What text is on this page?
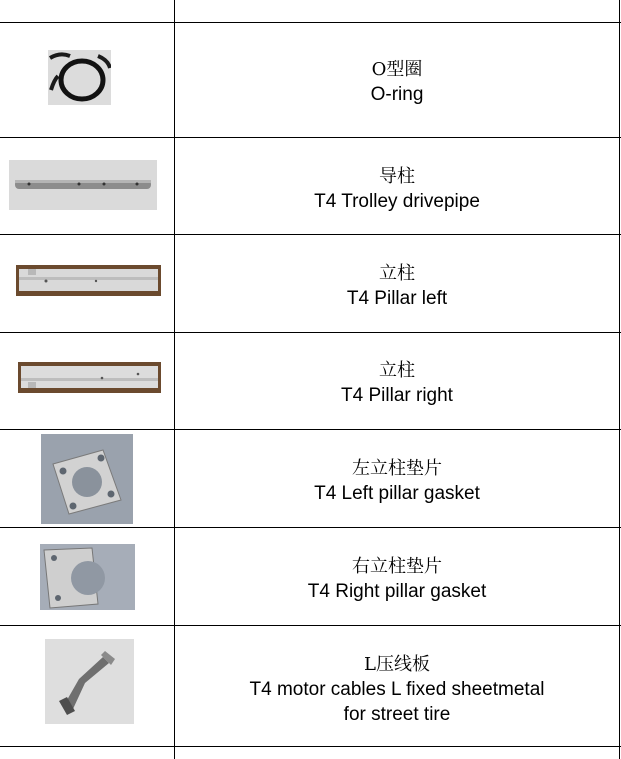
O型圈
O-ring
导柱
T4 Trolley drivepipe
立柱
T4 Pillar left
立柱
T4 Pillar right
左立柱垫片
T4 Left pillar gasket
右立柱垫片
T4 Right pillar gasket
L压线板
T4 motor cables L fixed sheetmetal
for street tire
